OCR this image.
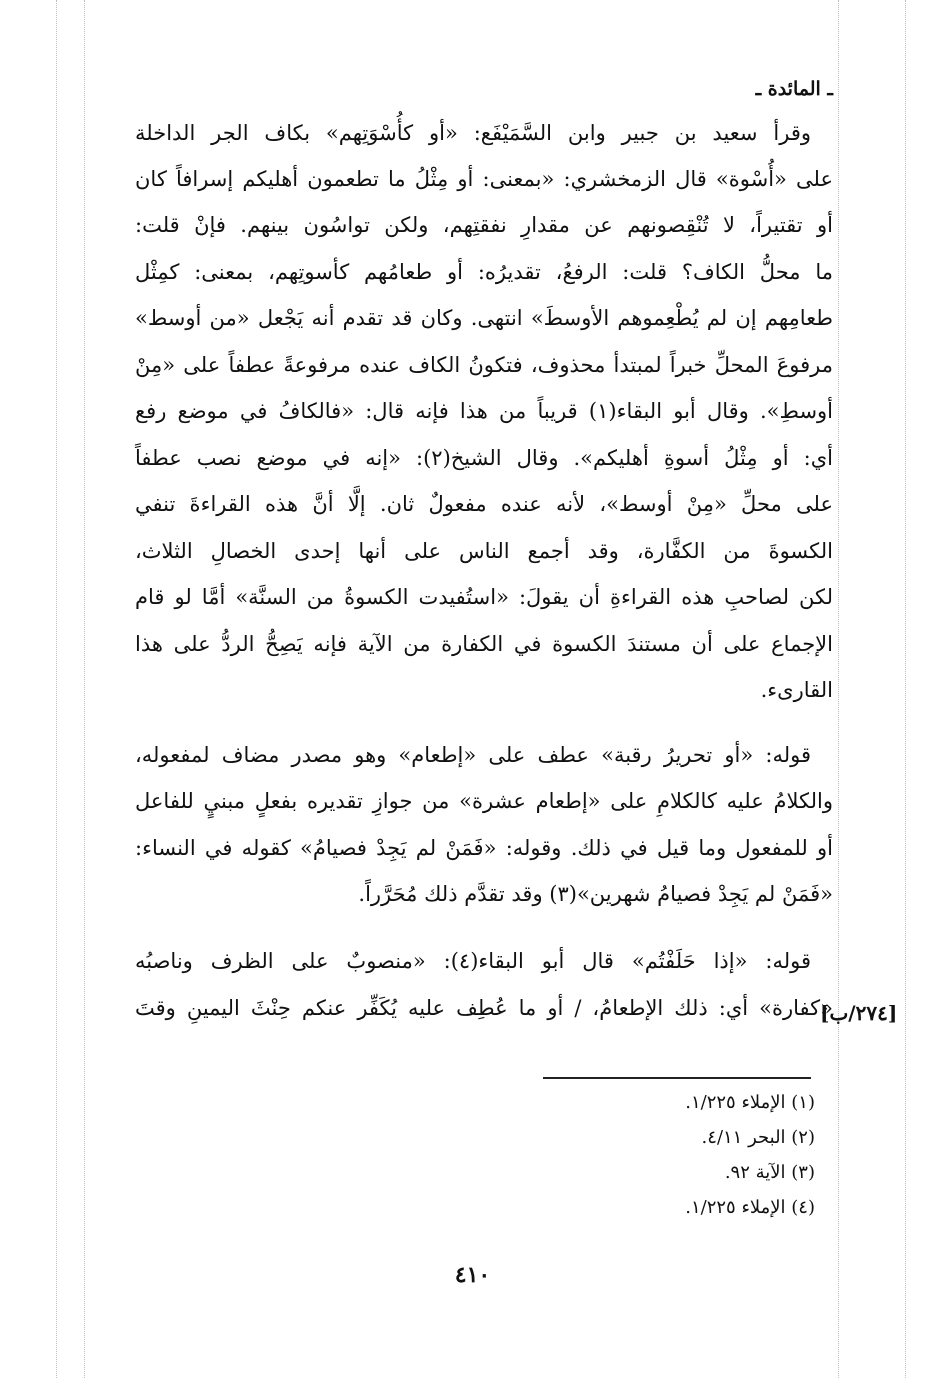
ـ المائدة ـ
وقرأ سعيد بن جبير وابن السَّمَيْفَع: «أو كأُسْوَتِهم» بكاف الجر الداخلة
على «أُسْوة» قال الزمخشري: «بمعنى: أو مِثْلُ ما تطعمون أهليكم إسرافاً كان
أو تقتيراً، لا تُنْقِصونهم عن مقدارِ نفقتِهم، ولكن تواسُون بينهم. فإنْ قلت:
ما محلُّ الكاف؟ قلت: الرفعُ، تقديرُه: أو طعامُهم كأسوتِهم، بمعنى: كمِثْل
طعامِهم إن لم يُطْعِموهم الأوسطَ» انتهى. وكان قد تقدم أنه يَجْعل «من أوسط»
مرفوعَ المحلِّ خبراً لمبتدأ محذوف، فتكونُ الكاف عنده مرفوعةً عطفاً على «مِنْ
أوسطِ». وقال أبو البقاء(١) قريباً من هذا فإنه قال: «فالكافُ في موضع رفع
أي: أو مِثْلُ أسوةِ أهليكم». وقال الشيخ(٢): «إنه في موضع نصب عطفاً
على محلِّ «مِنْ أوسط»، لأنه عنده مفعولٌ ثان. إلَّا أنَّ هذه القراءةَ تنفي
الكسوةَ من الكفَّارة، وقد أجمع الناس على أنها إحدى الخصالِ الثلاث،
لكن لصاحبِ هذه القراءةِ أن يقولَ: «استُفيدت الكسوةُ من السنَّة» أمَّا لو قام
الإجماع على أن مستندَ الكسوة في الكفارة من الآية فإنه يَصِحُّ الردُّ على هذا
القارىء.
قوله: «أو تحريرُ رقبة» عطف على «إطعام» وهو مصدر مضاف لمفعوله،
والكلامُ عليه كالكلامِ على «إطعام عشرة» من جوازِ تقديره بفعلٍ مبنيٍ للفاعل
أو للمفعول وما قيل في ذلك. وقوله: «فَمَنْ لم يَجِدْ فصيامُ» كقوله في النساء:
«فَمَنْ لم يَجِدْ فصيامُ شهرين»(٣) وقد تقدَّم ذلك مُحَرَّراً.
قوله: «إذا حَلَفْتُم» قال أبو البقاء(٤): «منصوبٌ على الظرف وناصبُه
«كفارة» أي: ذلك الإطعامُ، / أو ما عُطِف عليه يُكَفِّر عنكم حِنْثَ اليمينِ وقتَ
[٢٧٤/ب]
(١) الإملاء ١/٢٢٥.
(٢) البحر ٤/١١.
(٣) الآية ٩٢.
(٤) الإملاء ١/٢٢٥.
٤١٠
